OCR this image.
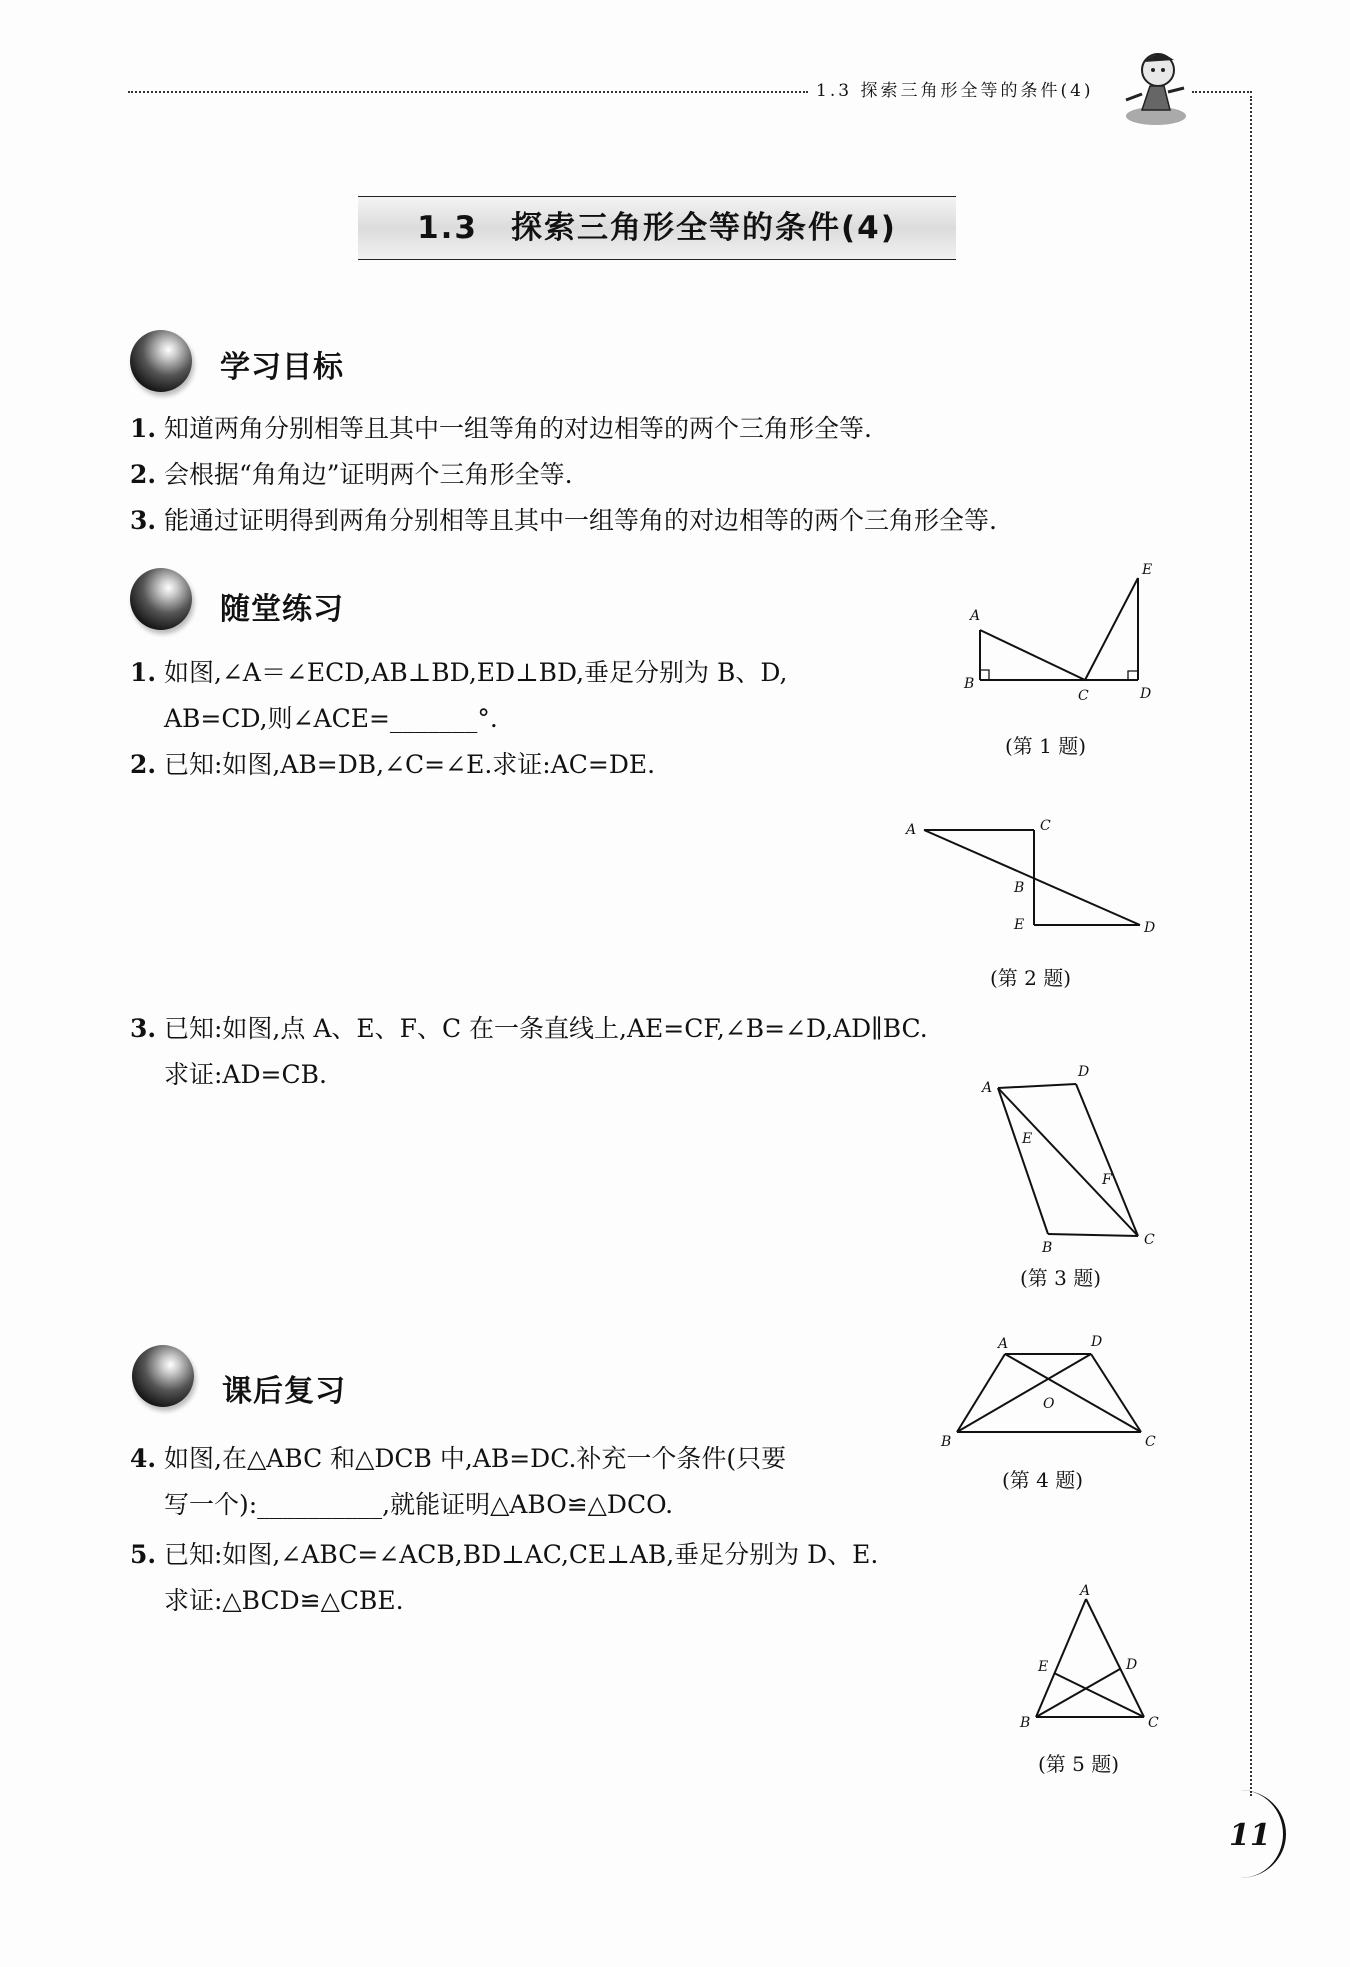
1.3 探索三角形全等的条件(4)
1.3　探索三角形全等的条件(4)
学习目标
1. 知道两角分别相等且其中一组等角的对边相等的两个三角形全等.
2. 会根据“角角边”证明两个三角形全等.
3. 能通过证明得到两角分别相等且其中一组等角的对边相等的两个三角形全等.
随堂练习
1. 如图,∠A＝∠ECD,AB⊥BD,ED⊥BD,垂足分别为 B、D,
AB=CD,则∠ACE=_______°.
2. 已知:如图,AB=DB,∠C=∠E.求证:AC=DE.
A
B
C	D
E
(第 1 题)
A	C
B
E	D
(第 2 题)
3. 已知:如图,点 A、E、F、C 在一条直线上,AE=CF,∠B=∠D,AD∥BC.
求证:AD=CB.	A
D
E
F
B	C
(第 3 题)
课后复习
A	D
O
B	C
(第 4 题)
4. 如图,在△ABC 和△DCB 中,AB=DC.补充一个条件(只要
写一个):__________,就能证明△ABO≌△DCO.
5. 已知:如图,∠ABC=∠ACB,BD⊥AC,CE⊥AB,垂足分别为 D、E.
求证:△BCD≌△CBE.	A
E	D
B	C
(第 5 题)
11
